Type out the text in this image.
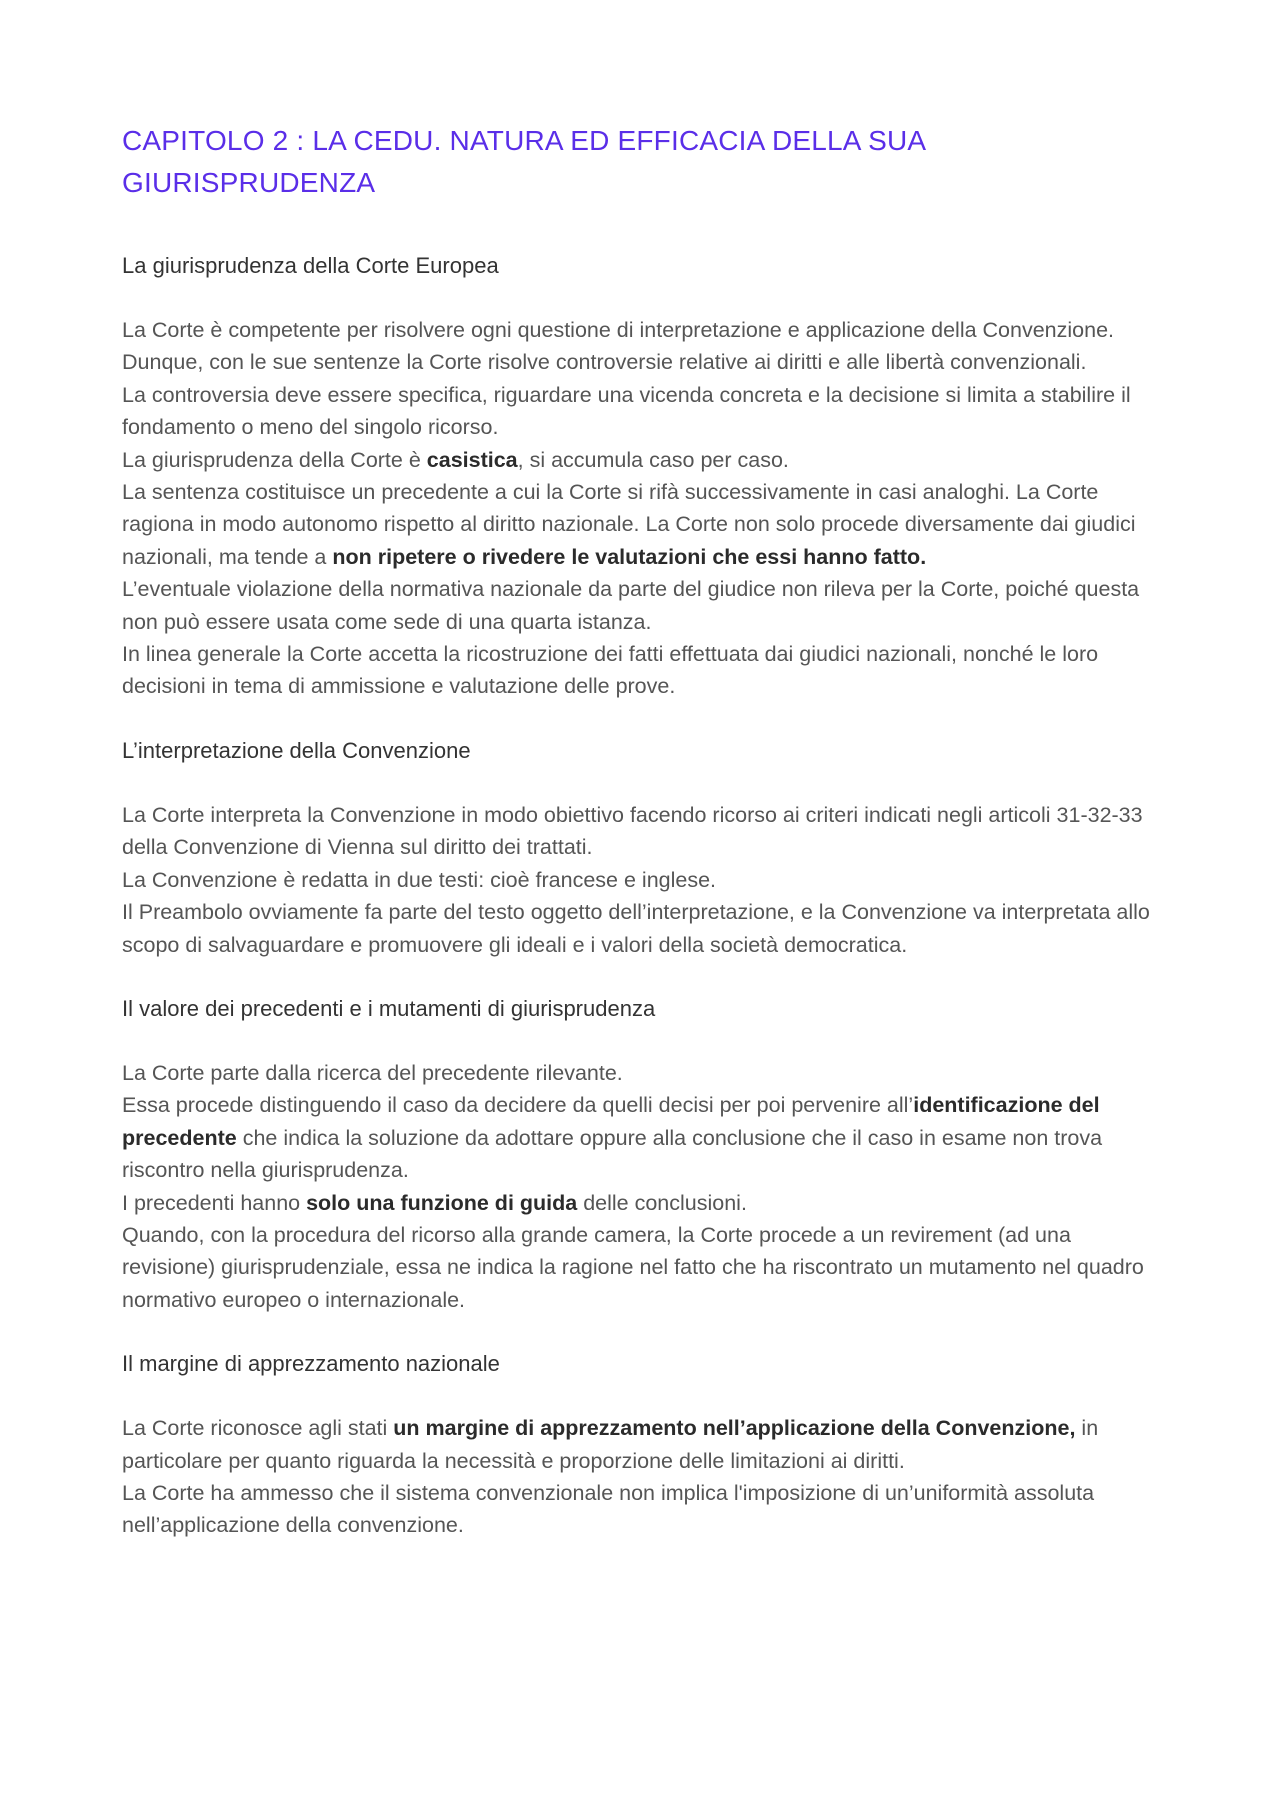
CAPITOLO 2 : LA CEDU. NATURA ED EFFICACIA DELLA SUA GIURISPRUDENZA
La giurisprudenza della Corte Europea

La Corte è competente per risolvere ogni questione di interpretazione e applicazione della Convenzione. Dunque, con le sue sentenze la Corte risolve controversie relative ai diritti e alle libertà convenzionali.

La controversia deve essere specifica, riguardare una vicenda concreta e la decisione si limita a stabilire il fondamento o meno del singolo ricorso.

La giurisprudenza della Corte è casistica, si accumula caso per caso.

La sentenza costituisce un precedente a cui la Corte si rifà successivamente in casi analoghi. La Corte ragiona in modo autonomo rispetto al diritto nazionale. La Corte non solo procede diversamente dai giudici nazionali, ma tende a non ripetere o rivedere le valutazioni che essi hanno fatto.

L’eventuale violazione della normativa nazionale da parte del giudice non rileva per la Corte, poiché questa non può essere usata come sede di una quarta istanza.

In linea generale la Corte accetta la ricostruzione dei fatti effettuata dai giudici nazionali, nonché le loro decisioni in tema di ammissione e valutazione delle prove.

L’interpretazione della Convenzione

La Corte interpreta la Convenzione in modo obiettivo facendo ricorso ai criteri indicati negli articoli 31-32-33 della Convenzione di Vienna sul diritto dei trattati.

La Convenzione è redatta in due testi: cioè francese e inglese.

Il Preambolo ovviamente fa parte del testo oggetto dell’interpretazione, e la Convenzione va interpretata allo scopo di salvaguardare e promuovere gli ideali e i valori della società democratica.

Il valore dei precedenti e i mutamenti di giurisprudenza

La Corte parte dalla ricerca del precedente rilevante.

Essa procede distinguendo il caso da decidere da quelli decisi per poi pervenire all’identificazione del precedente che indica la soluzione da adottare oppure alla conclusione che il caso in esame non trova riscontro nella giurisprudenza.

I precedenti hanno solo una funzione di guida delle conclusioni.

Quando, con la procedura del ricorso alla grande camera, la Corte procede a un revirement (ad una revisione) giurisprudenziale, essa ne indica la ragione nel fatto che ha riscontrato un mutamento nel quadro normativo europeo o internazionale.

Il margine di apprezzamento nazionale

La Corte riconosce agli stati un margine di apprezzamento nell’applicazione della Convenzione, in particolare per quanto riguarda la necessità e proporzione delle limitazioni ai diritti.

La Corte ha ammesso che il sistema convenzionale non implica l'imposizione di un’uniformità assoluta nell’applicazione della convenzione.
